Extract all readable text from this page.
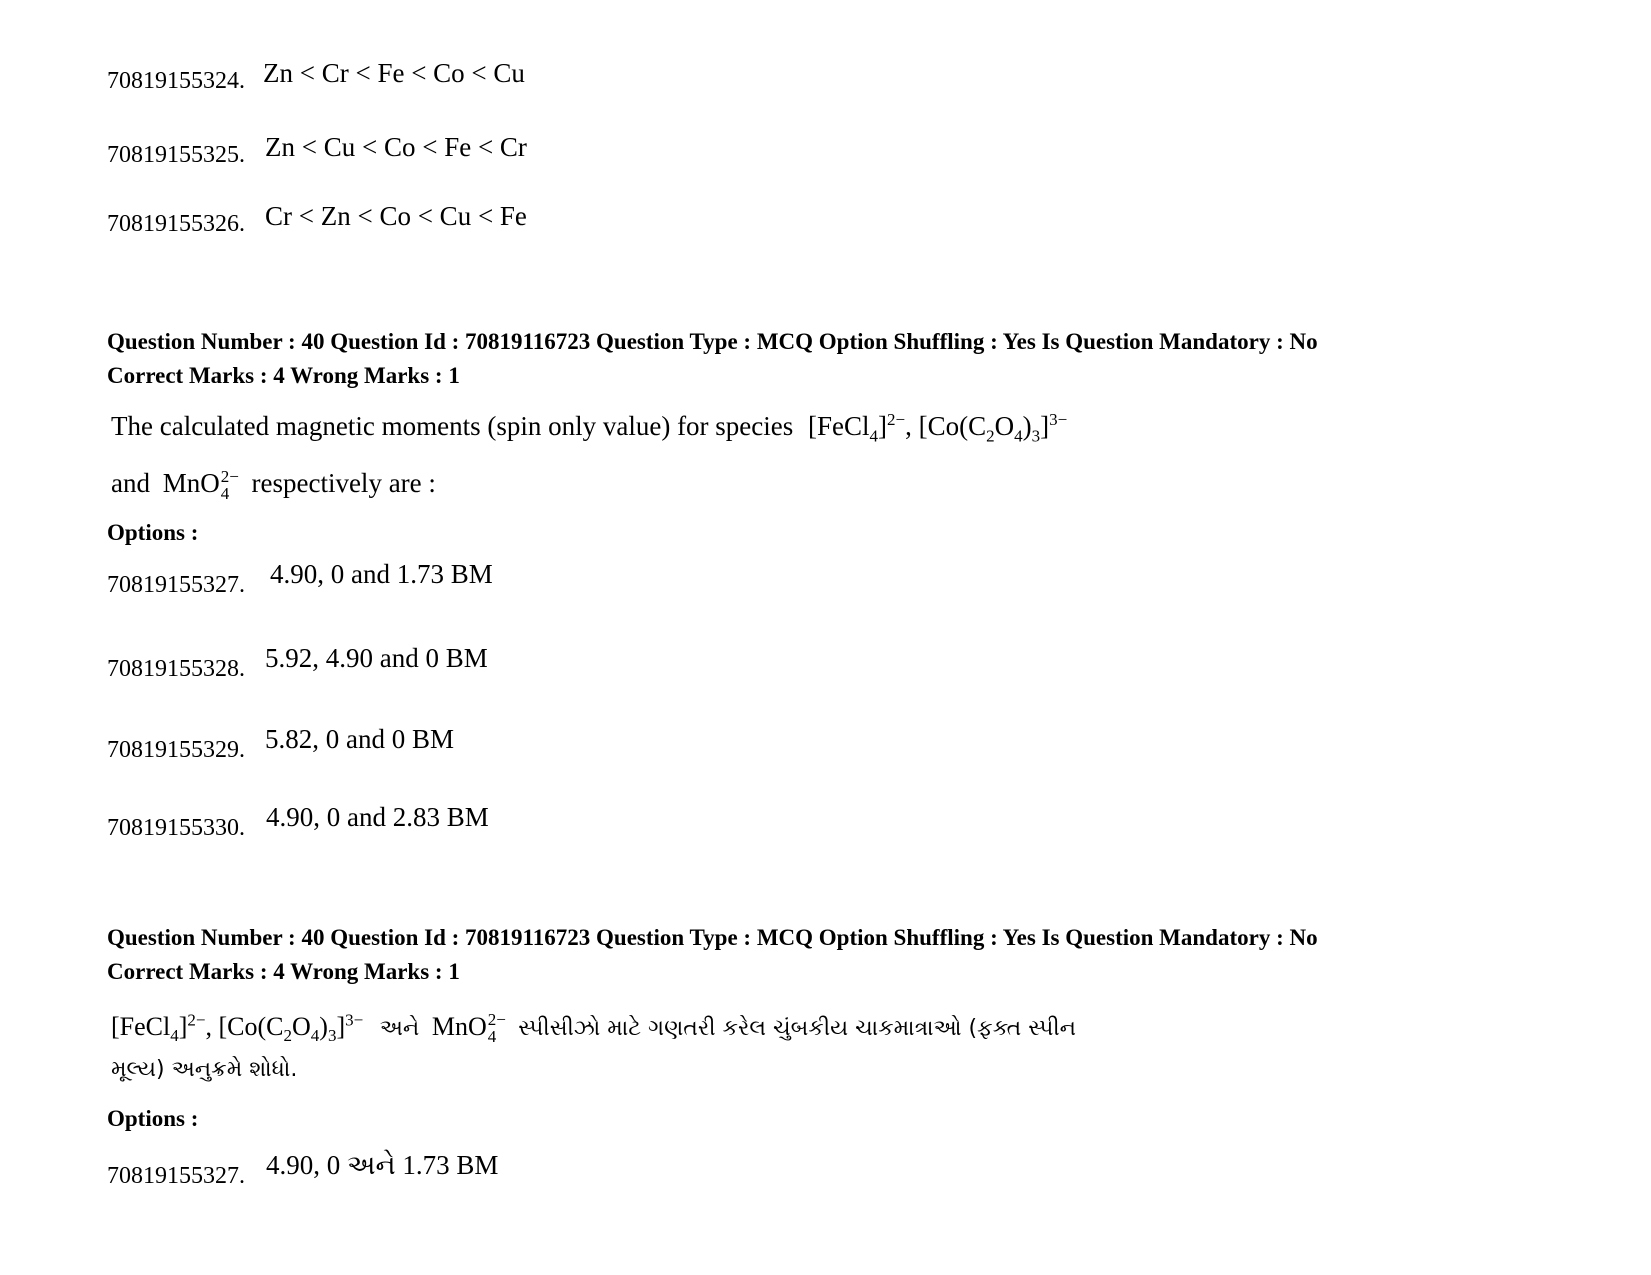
70819155324. Zn < Cr < Fe < Co < Cu
70819155325. Zn < Cu < Co < Fe < Cr
70819155326. Cr < Zn < Co < Cu < Fe
Question Number : 40 Question Id : 70819116723 Question Type : MCQ Option Shuffling : Yes Is Question Mandatory : No
Correct Marks : 4 Wrong Marks : 1
The calculated magnetic moments (spin only value) for species [FeCl$_4$]$^{2-}$, $[Co(C_2O_4)_3]^{3-}$
and MnO 2−
4 respectively are :
Options :
70819155327. 4.90, 0 and 1.73 BM
70819155328. 5.92, 4.90 and 0 BM
70819155329. 5.82, 0 and 0 BM
70819155330. 4.90, 0 and 2.83 BM
Question Number : 40 Question Id : 70819116723 Question Type : MCQ Option Shuffling : Yes Is Question Mandatory : No
Correct Marks : 4 Wrong Marks : 1
[FeCl$_4$]$^{2-}$, $[Co(C_2O_4)_3]^{3-}$ અને MnO 2−
4 સ્પીસીઝો માટે ગણતરી કરેલ ચુંબકીય ચાકમાત્રાઓ (ફક્ત સ્પીન
મૂલ્ય) અનુક્રમે શોધો.
Options :
70819155327. 4.90, 0 અને 1.73 BM
